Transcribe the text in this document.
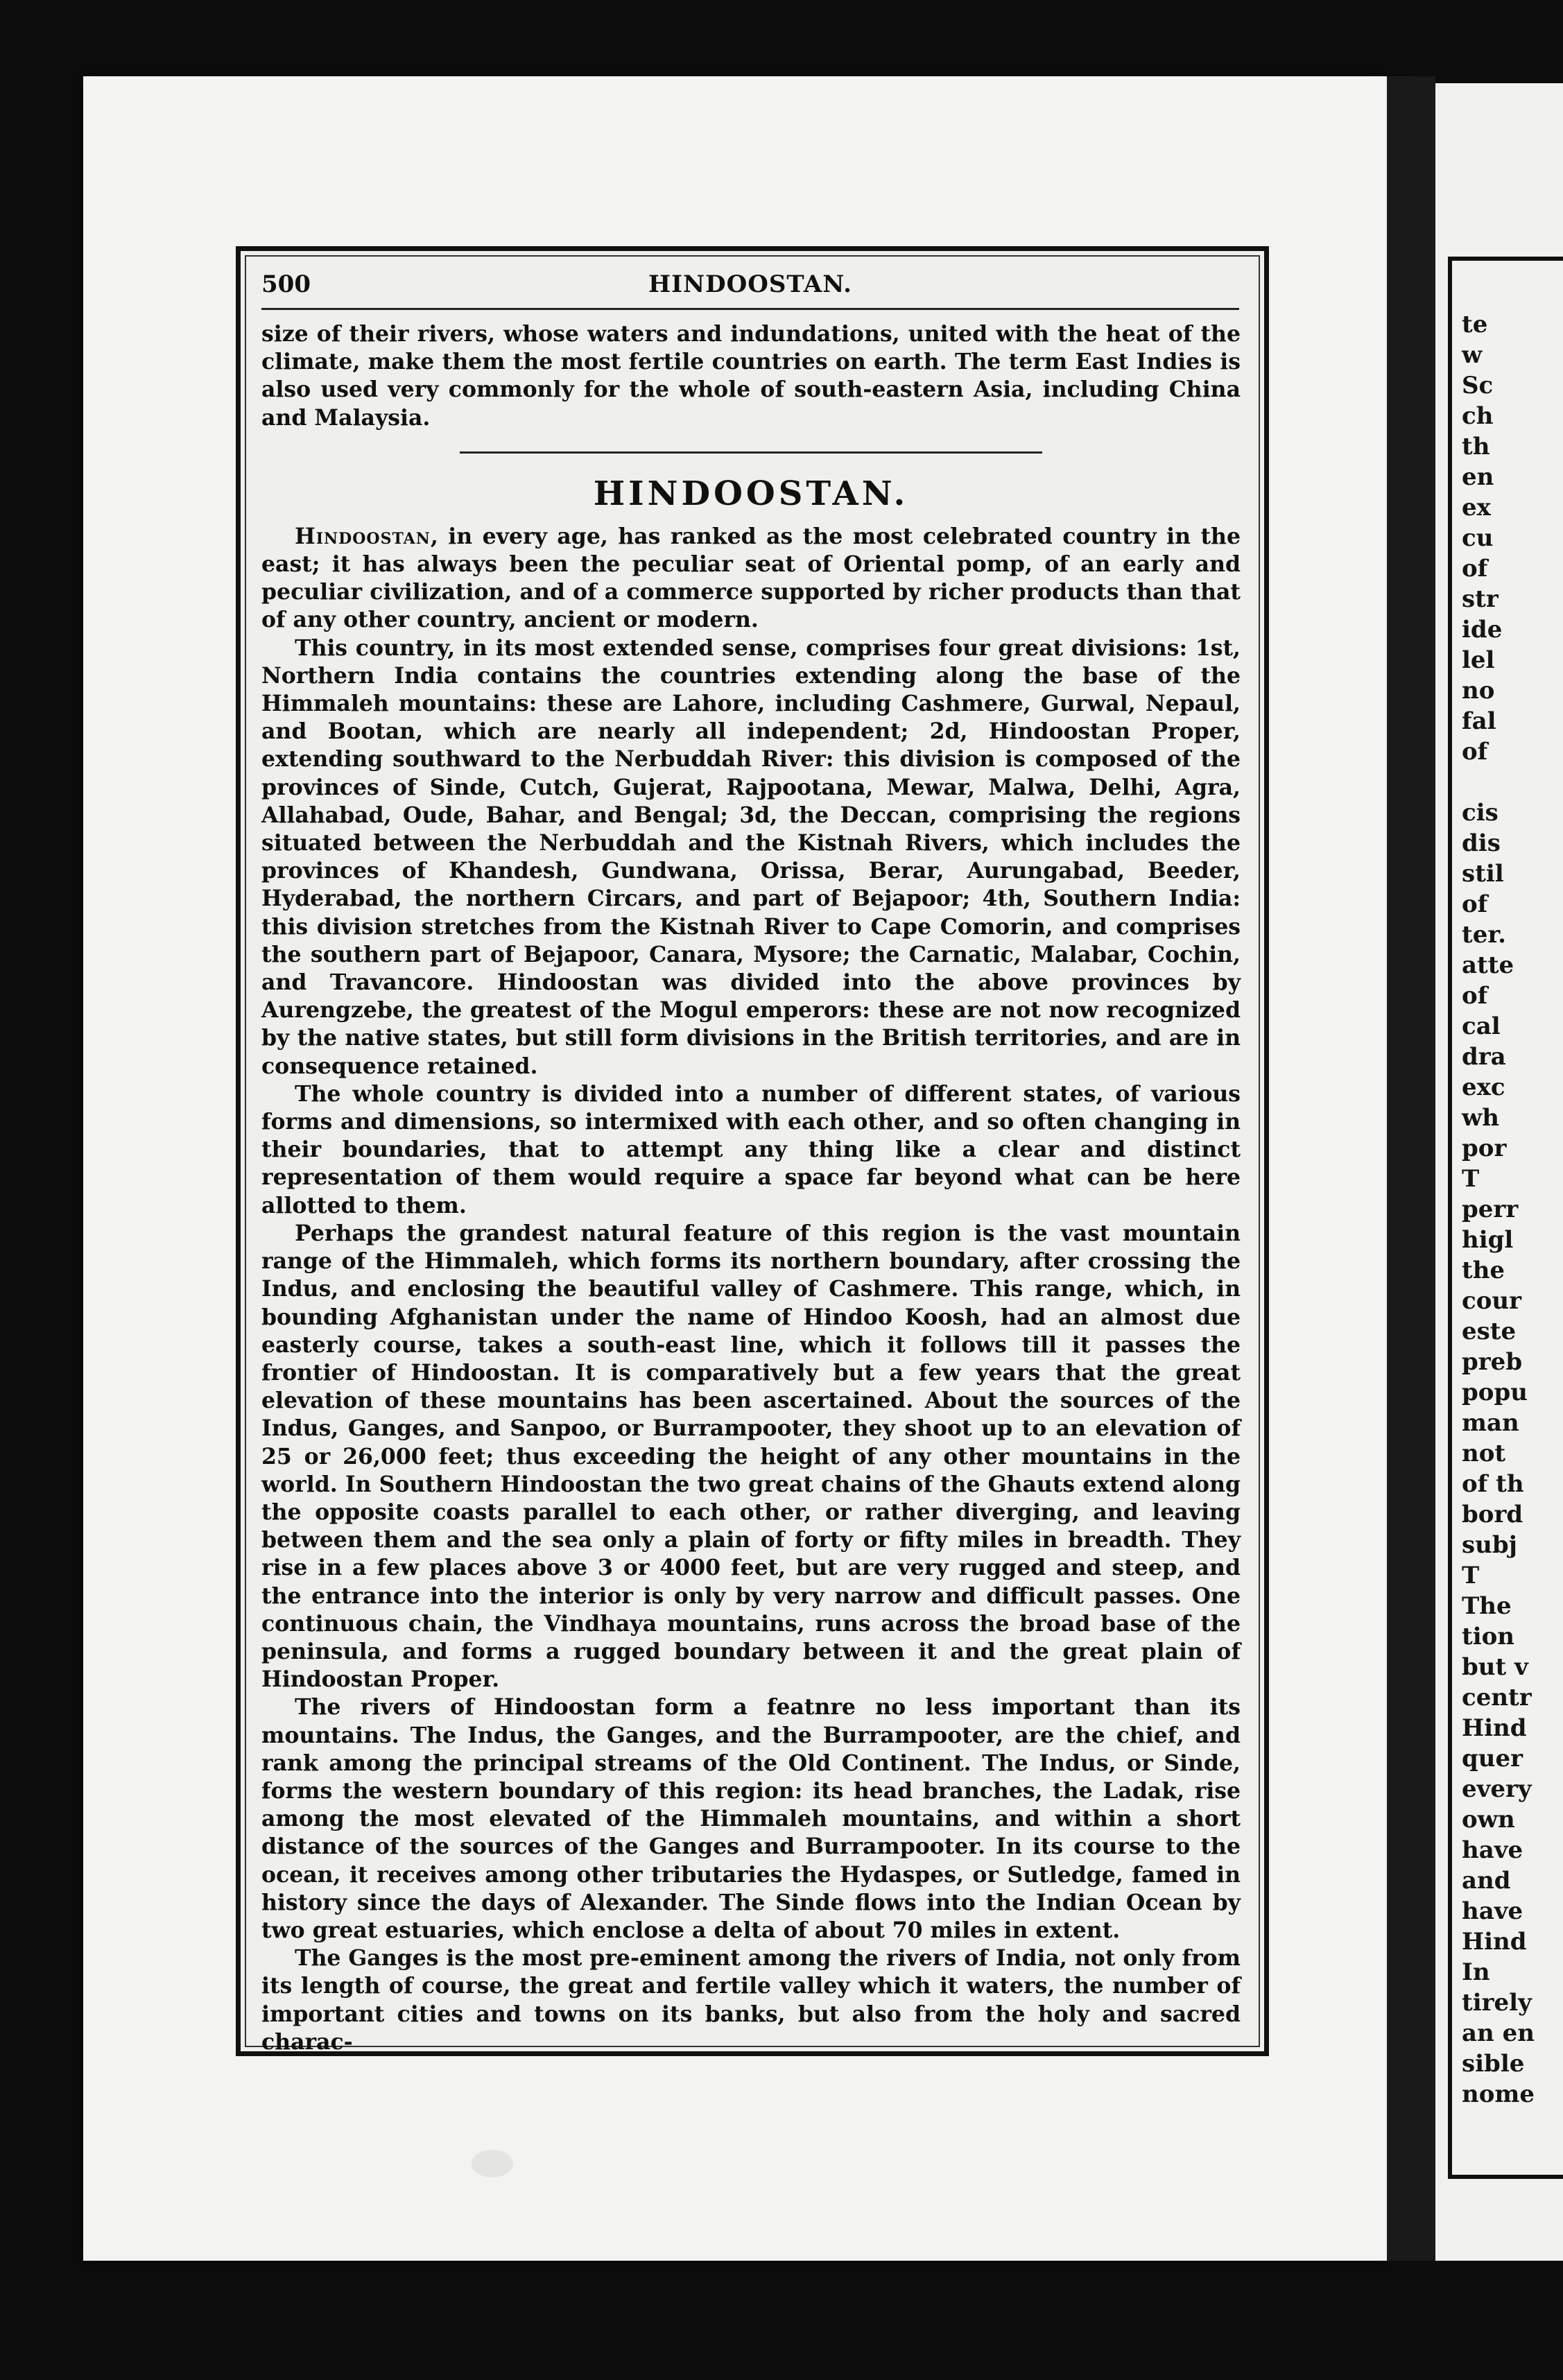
te
w
Sc
ch
th
en
ex
cu
of
str
ide
lel
no
fal
of

cis
dis
stil
of
ter.
atte
of
cal
dra
exc
wh
por
T
perr
higl
the
cour
este
preb
popu
man
not
of th
bord
subj
T
The
tion
but v
centr
Hind
quer
every
own
have
and
have
Hind
In
tirely
an en
sible
nome
500	HINDOOSTAN.

size of their rivers, whose waters and indundations, united with the heat of the climate, make them the most fertile countries on earth. The term East Indies is also used very commonly for the whole of south-eastern Asia, including China and Malaysia.

HINDOOSTAN.

Hindoostan, in every age, has ranked as the most celebrated country in the east; it has always been the peculiar seat of Oriental pomp, of an early and peculiar civilization, and of a commerce supported by richer products than that of any other country, ancient or modern.

This country, in its most extended sense, comprises four great divisions: 1st, Northern India contains the countries extending along the base of the Himmaleh mountains: these are Lahore, including Cashmere, Gurwal, Nepaul, and Bootan, which are nearly all independent; 2d, Hindoostan Proper, extending southward to the Nerbuddah River: this division is composed of the provinces of Sinde, Cutch, Gujerat, Rajpootana, Mewar, Malwa, Delhi, Agra, Allahabad, Oude, Bahar, and Bengal; 3d, the Deccan, comprising the regions situated between the Nerbuddah and the Kistnah Rivers, which includes the provinces of Khandesh, Gundwana, Orissa, Berar, Aurungabad, Beeder, Hyderabad, the northern Circars, and part of Bejapoor; 4th, Southern India: this division stretches from the Kistnah River to Cape Comorin, and comprises the southern part of Bejapoor, Canara, Mysore; the Carnatic, Malabar, Cochin, and Travancore. Hindoostan was divided into the above provinces by Aurengzebe, the greatest of the Mogul emperors: these are not now recognized by the native states, but still form divisions in the British territories, and are in consequence retained.

The whole country is divided into a number of different states, of various forms and dimensions, so intermixed with each other, and so often changing in their boundaries, that to attempt any thing like a clear and distinct representation of them would require a space far beyond what can be here allotted to them.

Perhaps the grandest natural feature of this region is the vast mountain range of the Himmaleh, which forms its northern boundary, after crossing the Indus, and enclosing the beautiful valley of Cashmere. This range, which, in bounding Afghanistan under the name of Hindoo Koosh, had an almost due easterly course, takes a south-east line, which it follows till it passes the frontier of Hindoostan. It is comparatively but a few years that the great elevation of these mountains has been ascertained. About the sources of the Indus, Ganges, and Sanpoo, or Burrampooter, they shoot up to an elevation of 25 or 26,000 feet; thus exceeding the height of any other mountains in the world. In Southern Hindoostan the two great chains of the Ghauts extend along the opposite coasts parallel to each other, or rather diverging, and leaving between them and the sea only a plain of forty or fifty miles in breadth. They rise in a few places above 3 or 4000 feet, but are very rugged and steep, and the entrance into the interior is only by very narrow and difficult passes. One continuous chain, the Vindhaya mountains, runs across the broad base of the peninsula, and forms a rugged boundary between it and the great plain of Hindoostan Proper.

The rivers of Hindoostan form a featnre no less important than its mountains. The Indus, the Ganges, and the Burrampooter, are the chief, and rank among the principal streams of the Old Continent. The Indus, or Sinde, forms the western boundary of this region: its head branches, the Ladak, rise among the most elevated of the Himmaleh mountains, and within a short distance of the sources of the Ganges and Burrampooter. In its course to the ocean, it receives among other tributaries the Hydaspes, or Sutledge, famed in history since the days of Alexander. The Sinde flows into the Indian Ocean by two great estuaries, which enclose a delta of about 70 miles in extent.

The Ganges is the most pre-eminent among the rivers of India, not only from its length of course, the great and fertile valley which it waters, the number of important cities and towns on its banks, but also from the holy and sacred charac-
